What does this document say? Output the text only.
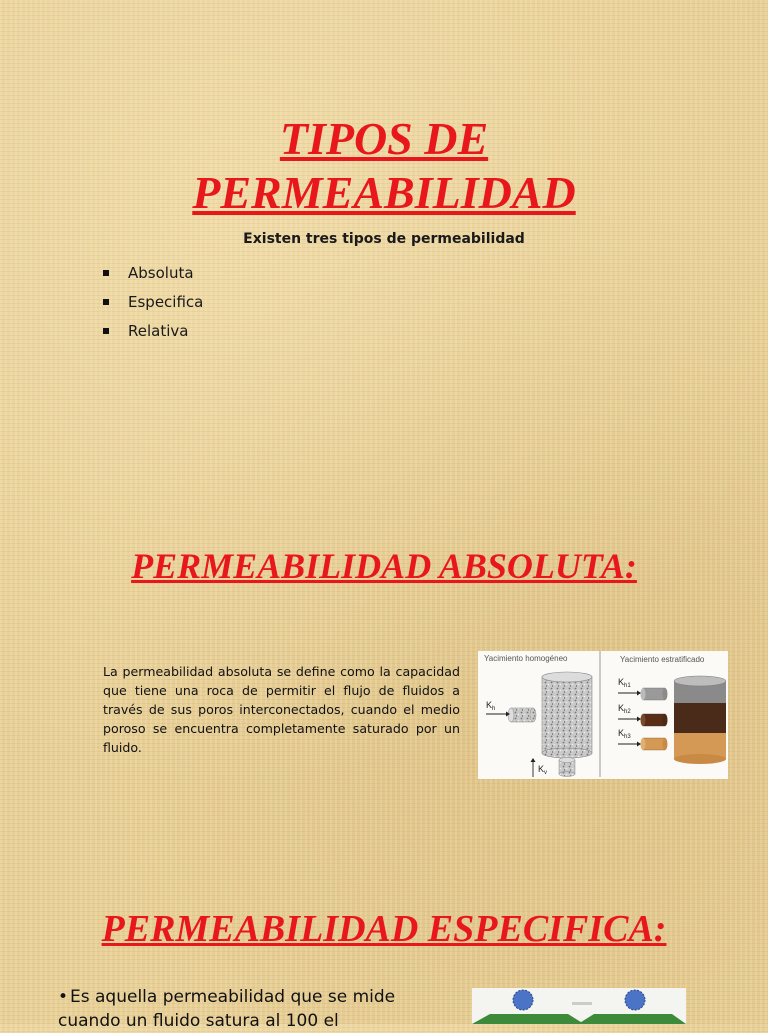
TIPOS DE
PERMEABILIDAD
Existen tres tipos de permeabilidad
Absoluta
Especifica
Relativa
PERMEABILIDAD ABSOLUTA:
La permeabilidad absoluta se define como la capacidad que tiene una roca de permitir el flujo de fluidos a través de sus poros interconectados, cuando el medio poroso se encuentra completamente saturado por un fluido.
Yacimiento homogéneo	Yacimiento estratificado
$K_h$
$K_v$
$K_{h1}$
$K_{h2}$
$K_{h3}$
PERMEABILIDAD ESPECIFICA:
• Es aquella permeabilidad que se mide cuando un fluido satura al 100 el
